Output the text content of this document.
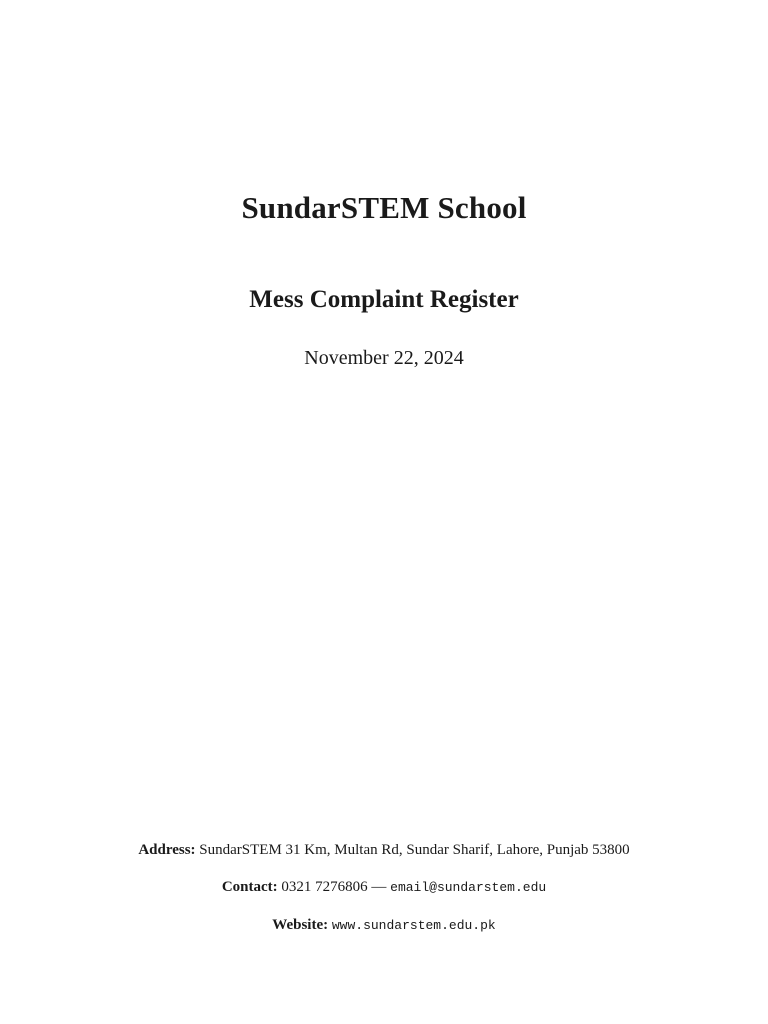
SundarSTEM School
Mess Complaint Register
November 22, 2024
Address: SundarSTEM 31 Km, Multan Rd, Sundar Sharif, Lahore, Punjab 53800
Contact: 0321 7276806 — email@sundarstem.edu
Website: www.sundarstem.edu.pk
